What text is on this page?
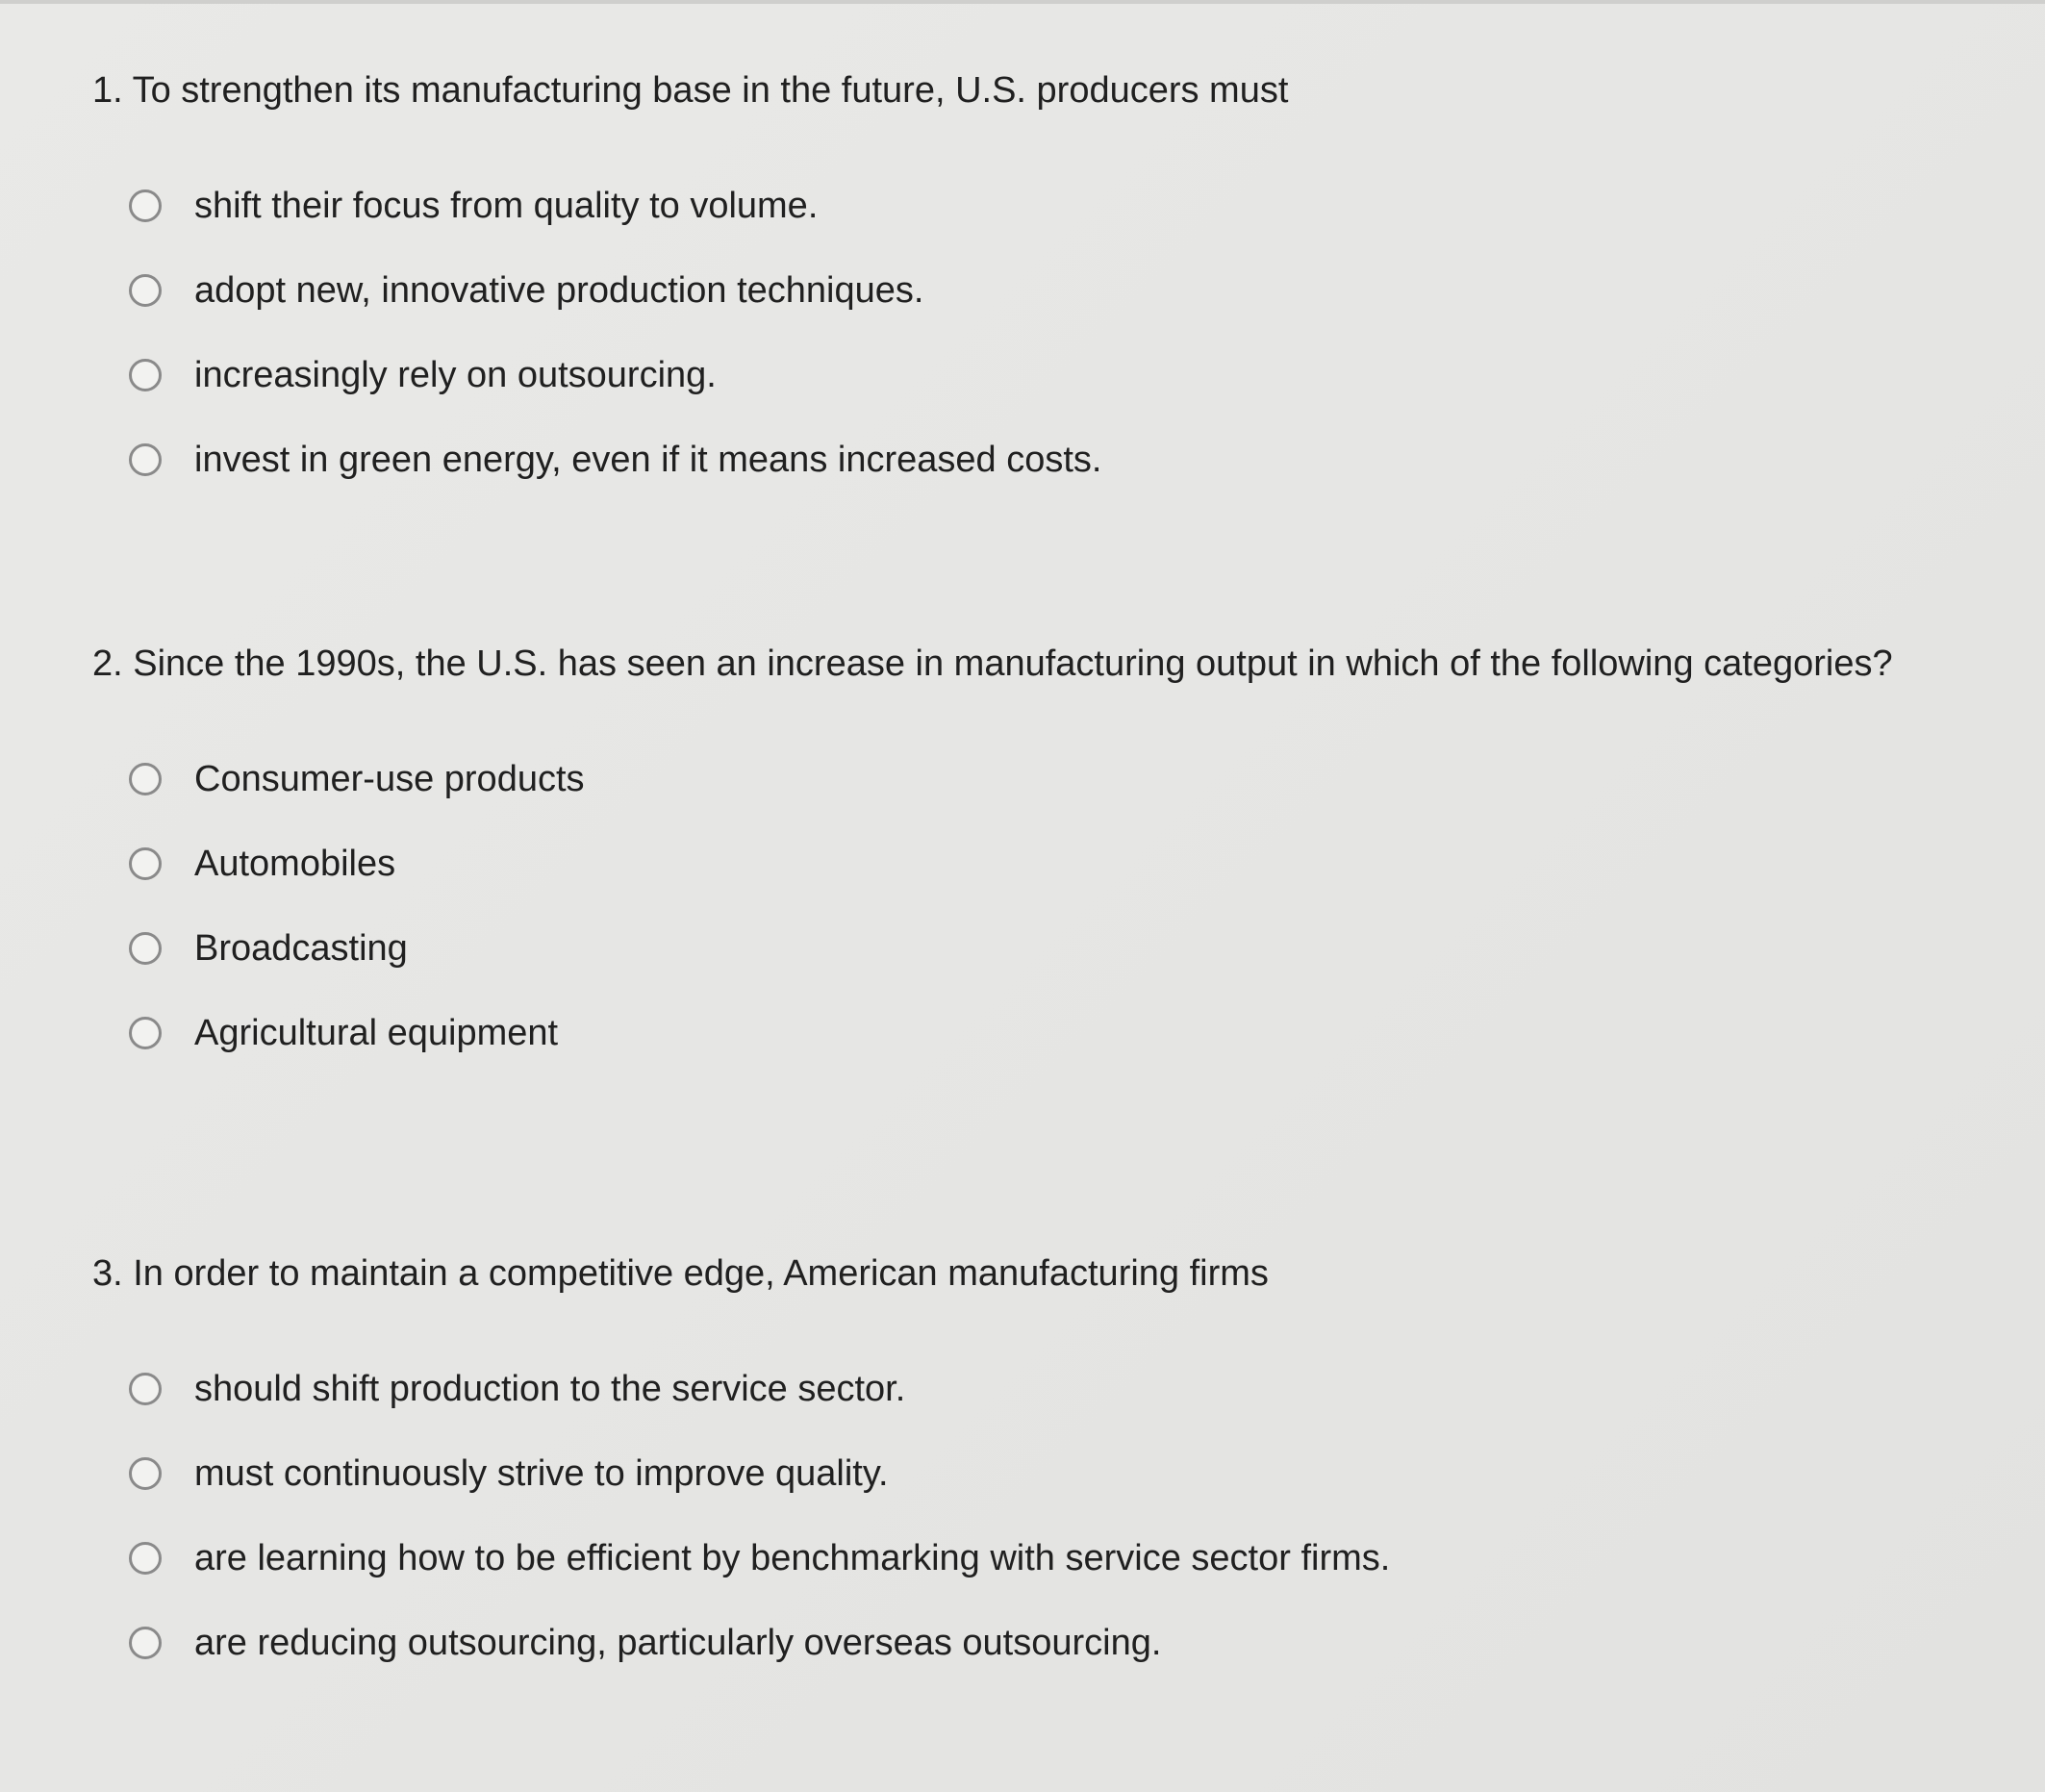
1. To strengthen its manufacturing base in the future, U.S. producers must
shift their focus from quality to volume.
adopt new, innovative production techniques.
increasingly rely on outsourcing.
invest in green energy, even if it means increased costs.
2. Since the 1990s, the U.S. has seen an increase in manufacturing output in which of the following categories?
Consumer-use products
Automobiles
Broadcasting
Agricultural equipment
3. In order to maintain a competitive edge, American manufacturing firms
should shift production to the service sector.
must continuously strive to improve quality.
are learning how to be efficient by benchmarking with service sector firms.
are reducing outsourcing, particularly overseas outsourcing.
